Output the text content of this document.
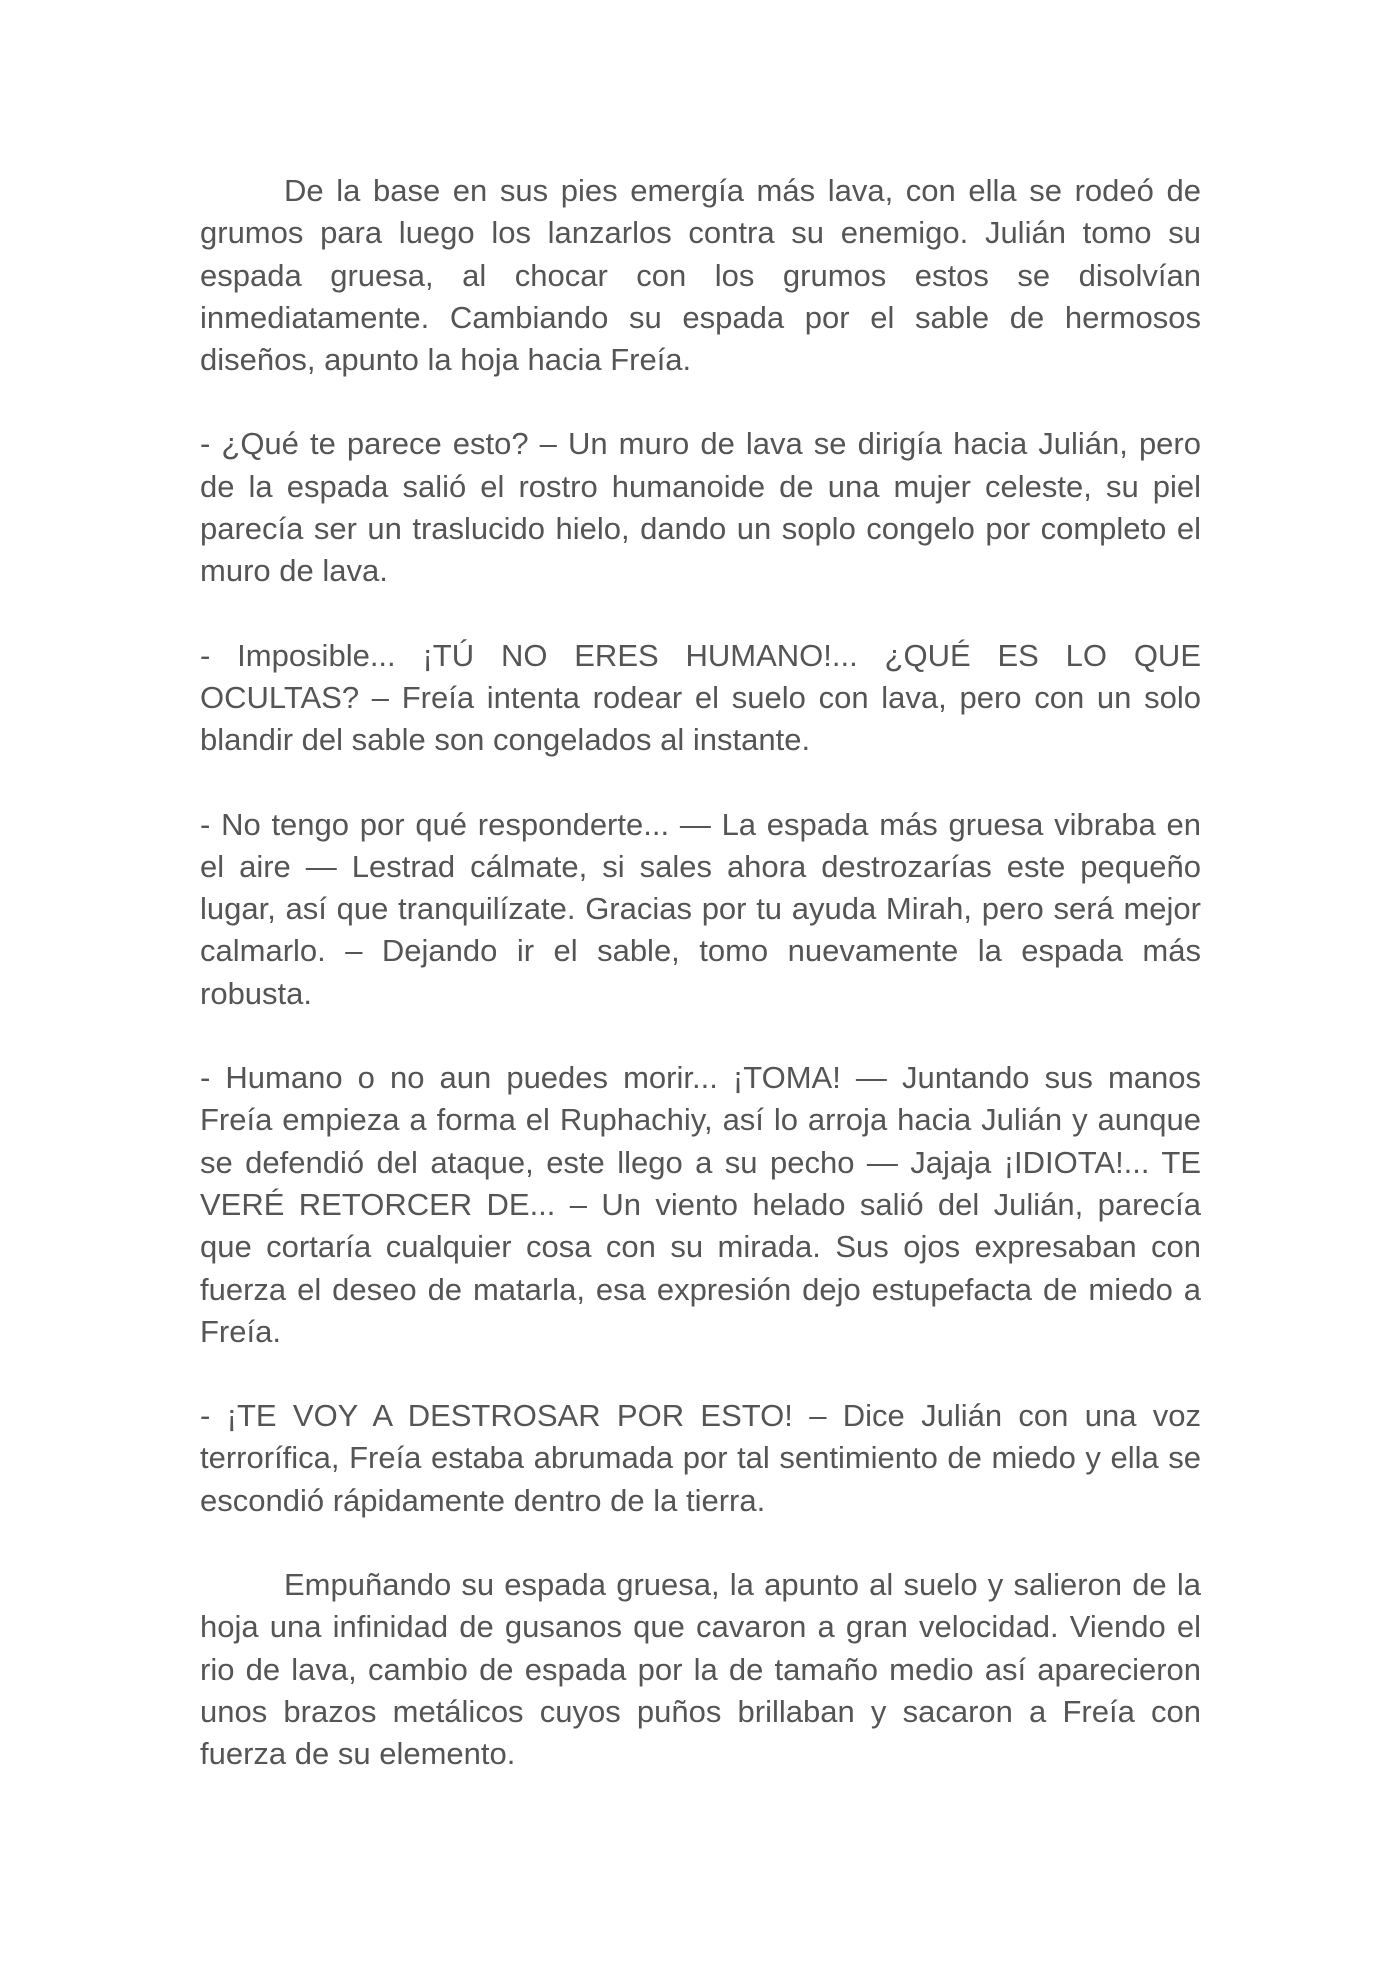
De la base en sus pies emergía más lava, con ella se rodeó de grumos para luego los lanzarlos contra su enemigo. Julián tomo su espada gruesa, al chocar con los grumos estos se disolvían inmediatamente. Cambiando su espada por el sable de hermosos diseños, apunto la hoja hacia Freía.

- ¿Qué te parece esto? – Un muro de lava se dirigía hacia Julián, pero de la espada salió el rostro humanoide de una mujer celeste, su piel parecía ser un traslucido hielo, dando un soplo congelo por completo el muro de lava.

- Imposible... ¡TÚ NO ERES HUMANO!... ¿QUÉ ES LO QUE OCULTAS? – Freía intenta rodear el suelo con lava, pero con un solo blandir del sable son congelados al instante.

- No tengo por qué responderte... — La espada más gruesa vibraba en el aire — Lestrad cálmate, si sales ahora destrozarías este pequeño lugar, así que tranquilízate. Gracias por tu ayuda Mirah, pero será mejor calmarlo. – Dejando ir el sable, tomo nuevamente la espada más robusta.

- Humano o no aun puedes morir... ¡TOMA! — Juntando sus manos Freía empieza a forma el Ruphachiy, así lo arroja hacia Julián y aunque se defendió del ataque, este llego a su pecho — Jajaja ¡IDIOTA!... TE VERÉ RETORCER DE... – Un viento helado salió del Julián, parecía que cortaría cualquier cosa con su mirada. Sus ojos expresaban con fuerza el deseo de matarla, esa expresión dejo estupefacta de miedo a Freía.

- ¡TE VOY A DESTROSAR POR ESTO! – Dice Julián con una voz terrorífica, Freía estaba abrumada por tal sentimiento de miedo y ella se escondió rápidamente dentro de la tierra.

Empuñando su espada gruesa, la apunto al suelo y salieron de la hoja una infinidad de gusanos que cavaron a gran velocidad. Viendo el rio de lava, cambio de espada por la de tamaño medio así aparecieron unos brazos metálicos cuyos puños brillaban y sacaron a Freía con fuerza de su elemento.
